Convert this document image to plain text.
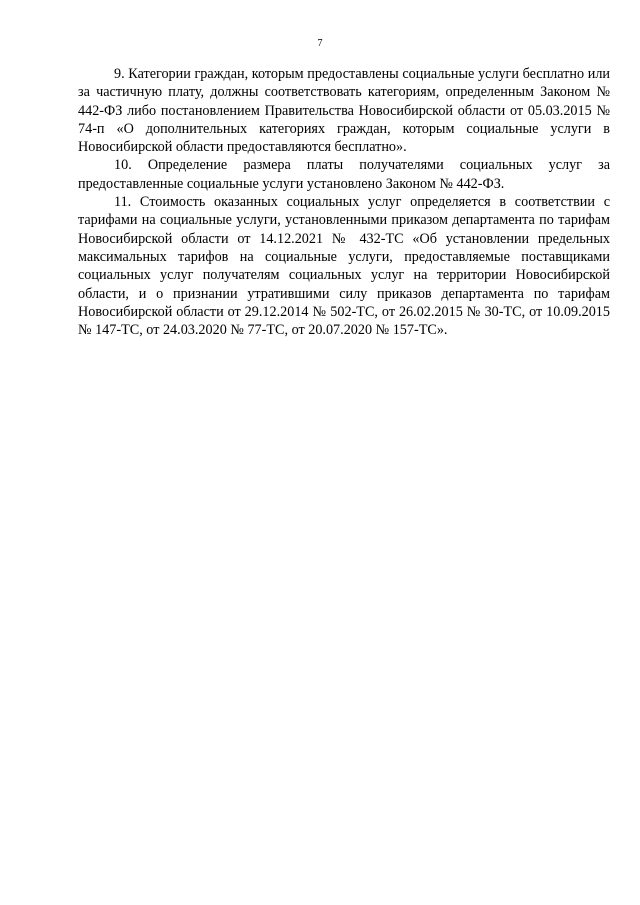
7

9. Категории граждан, которым предоставлены социальные услуги бесплатно или за частичную плату, должны соответствовать категориям, определенным Законом № 442-ФЗ либо постановлением Правительства Новосибирской области от 05.03.2015 № 74-п «О дополнительных категориях граждан, которым социальные услуги в Новосибирской области предоставляются бесплатно».

10. Определение размера платы получателями социальных услуг за предоставленные социальные услуги установлено Законом № 442-ФЗ.

11. Стоимость оказанных социальных услуг определяется в соответствии с тарифами на социальные услуги, установленными приказом департамента по тарифам Новосибирской области от 14.12.2021 № 432-ТС «Об установлении предельных максимальных тарифов на социальные услуги, предоставляемые поставщиками социальных услуг получателям социальных услуг на территории Новосибирской области, и о признании утратившими силу приказов департамента по тарифам Новосибирской области от 29.12.2014 № 502-ТС, от 26.02.2015 № 30-ТС, от 10.09.2015 № 147-ТС, от 24.03.2020 № 77-ТС, от 20.07.2020 № 157-ТС».
